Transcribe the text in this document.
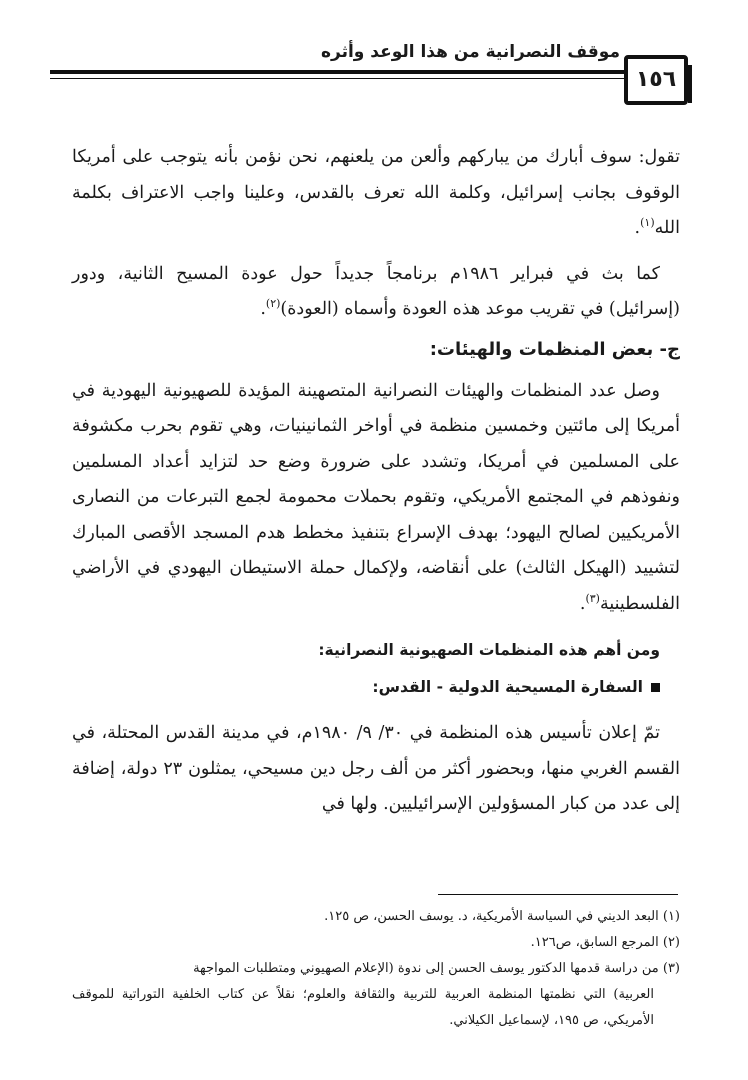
موقف النصرانية من هذا الوعد وأثره
١٥٦

تقول: سوف أبارك من يباركهم وألعن من يلعنهم، نحن نؤمن بأنه يتوجب على أمريكا الوقوف بجانب إسرائيل، وكلمة الله تعرف بالقدس، وعلينا واجب الاعتراف بكلمة الله$^{(١)}$.

كما بث في فبراير ١٩٨٦م برنامجاً جديداً حول عودة المسيح الثانية، ودور (إسرائيل) في تقريب موعد هذه العودة وأسماه (العودة)$^{(٢)}$.

ج- بعض المنظمات والهيئات:

وصل عدد المنظمات والهيئات النصرانية المتصهينة المؤيدة للصهيونية اليهودية في أمريكا إلى مائتين وخمسين منظمة في أواخر الثمانينيات، وهي تقوم بحرب مكشوفة على المسلمين في أمريكا، وتشدد على ضرورة وضع حد لتزايد أعداد المسلمين ونفوذهم في المجتمع الأمريكي، وتقوم بحملات محمومة لجمع التبرعات من النصارى الأمريكيين لصالح اليهود؛ بهدف الإسراع بتنفيذ مخطط هدم المسجد الأقصى المبارك لتشييد (الهيكل الثالث) على أنقاضه، ولإكمال حملة الاستيطان اليهودي في الأراضي الفلسطينية$^{(٣)}$.

ومن أهم هذه المنظمات الصهيونية النصرانية:
السفارة المسيحية الدولية - القدس:

تمّ إعلان تأسيس هذه المنظمة في ٣٠/ ٩/ ١٩٨٠م، في مدينة القدس المحتلة، في القسم الغربي منها، وبحضور أكثر من ألف رجل دين مسيحي، يمثلون ٢٣ دولة، إضافة إلى عدد من كبار المسؤولين الإسرائيليين. ولها في

(١) البعد الديني في السياسة الأمريكية، د. يوسف الحسن، ص ١٢٥.

(٢) المرجع السابق، ص١٢٦.

(٣) من دراسة قدمها الدكتور يوسف الحسن إلى ندوة (الإعلام الصهيوني ومتطلبات المواجهة

العربية) التي نظمتها المنظمة العربية للتربية والثقافة والعلوم؛ نقلاً عن كتاب الخلفية التوراتية للموقف الأمريكي، ص ١٩٥، لإسماعيل الكيلاني.
